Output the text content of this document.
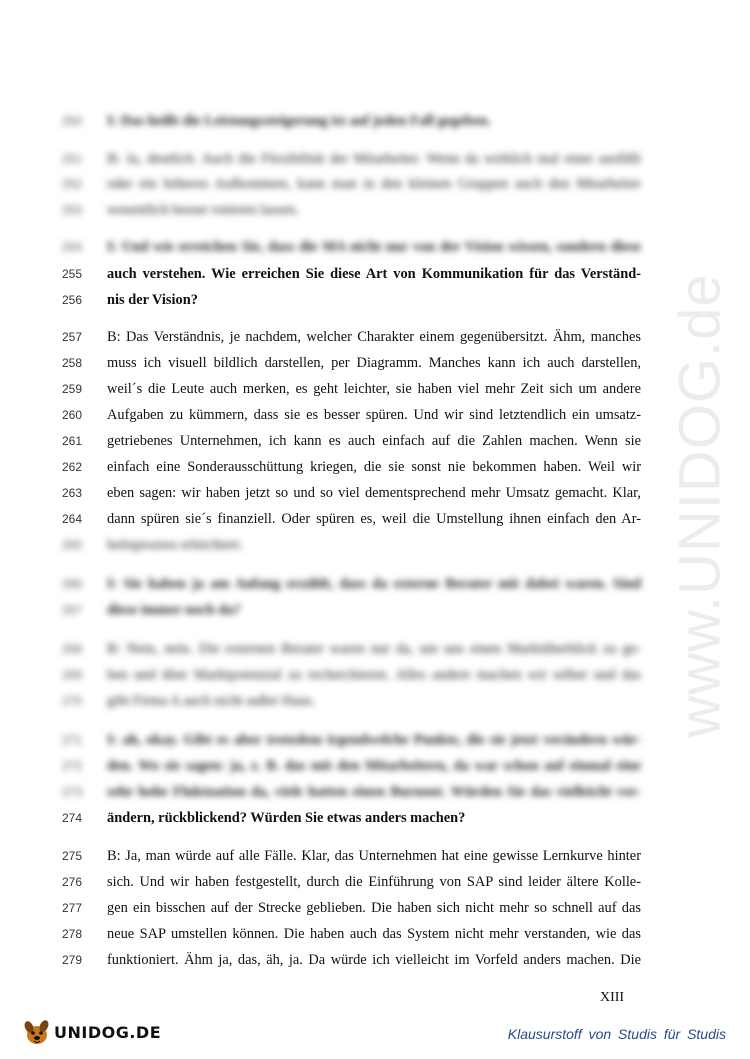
www.UNIDOG.de
250	I: Das heißt die Leistungssteigerung ist auf jeden Fall gegeben.
251	B: Ja, deutlich. Auch die Flexibilität der Mitarbeiter. Wenn da wirklich mal einer ausfällt
252	oder ein höheres Aufkommen, kann man in den kleinen Gruppen auch den Mitarbeiter
253	wesentlich besser rotieren lassen.
254	I: Und wie erreichen Sie, dass die MA nicht nur von der Vision wissen, sondern diese
255	auch verstehen. Wie erreichen Sie diese Art von Kommunikation für das Verständ-
256	nis der Vision?
257	B: Das Verständnis, je nachdem, welcher Charakter einem gegenübersitzt. Ähm, manches
258	muss ich visuell bildlich darstellen, per Diagramm. Manches kann ich auch darstellen,
259	weil´s die Leute auch merken, es geht leichter, sie haben viel mehr Zeit sich um andere
260	Aufgaben zu kümmern, dass sie es besser spüren. Und wir sind letztendlich ein umsatz-
261	getriebenes Unternehmen, ich kann es auch einfach auf die Zahlen machen. Wenn sie
262	einfach eine Sonderausschüttung kriegen, die sie sonst nie bekommen haben. Weil wir
263	eben sagen: wir haben jetzt so und so viel dementsprechend mehr Umsatz gemacht. Klar,
264	dann spüren sie´s finanziell. Oder spüren es, weil die Umstellung ihnen einfach den Ar-
265	beitsprozess erleichtert.
266	I: Sie haben ja am Anfang erzählt, dass da externe Berater mit dabei waren. Sind
267	diese immer noch da?
268	B: Nein, nein. Die externen Berater waren nur da, um uns einen Marktüberblick zu ge-
269	ben und über Marktpotenzial zu recherchieren. Alles andere machen wir selber und das
270	gibt Firma A auch nicht außer Haus.
271	I: ah, okay. Gibt es aber trotzdem irgendwelche Punkte, die sie jetzt verändern wür-
272	den. Wo sie sagen: ja, z. B. das mit den Mitarbeitern, da war schon auf einmal eine
273	sehr hohe Fluktuation da, viele hatten einen Burnout. Würden Sie das vielleicht ver-
274	ändern, rückblickend? Würden Sie etwas anders machen?
275	B: Ja, man würde auf alle Fälle. Klar, das Unternehmen hat eine gewisse Lernkurve hinter
276	sich. Und wir haben festgestellt, durch die Einführung von SAP sind leider ältere Kolle-
277	gen ein bisschen auf der Strecke geblieben. Die haben sich nicht mehr so schnell auf das
278	neue SAP umstellen können. Die haben auch das System nicht mehr verstanden, wie das
279	funktioniert. Ähm ja, das, äh, ja. Da würde ich vielleicht im Vorfeld anders machen. Die
XIII
UNIDOG.DE	Klausurstoff von Studis für Studis
